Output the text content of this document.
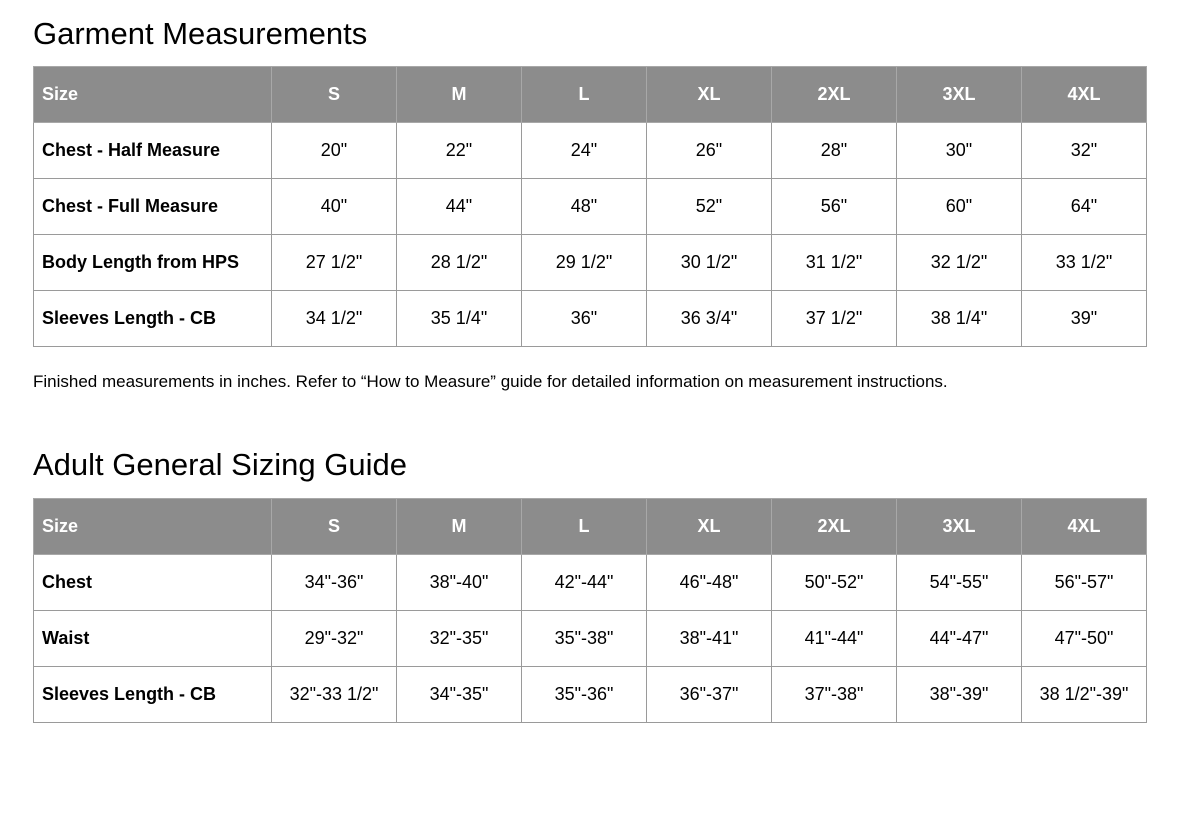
Garment Measurements
Size	S	M	L	XL	2XL	3XL	4XL
Chest - Half Measure	20"	22"	24"	26"	28"	30"	32"
Chest - Full Measure	40"	44"	48"	52"	56"	60"	64"
Body Length from HPS	27 1/2"	28 1/2"	29 1/2"	30 1/2"	31 1/2"	32 1/2"	33 1/2"
Sleeves Length - CB	34 1/2"	35 1/4"	36"	36 3/4"	37 1/2"	38 1/4"	39"

Finished measurements in inches. Refer to “How to Measure” guide for detailed information on measurement instructions.

Adult General Sizing Guide
Size	S	M	L	XL	2XL	3XL	4XL
Chest	34"-36"	38"-40"	42"-44"	46"-48"	50"-52"	54"-55"	56"-57"
Waist	29"-32"	32"-35"	35"-38"	38"-41"	41"-44"	44"-47"	47"-50"
Sleeves Length - CB	32"-33 1/2"	34"-35"	35"-36"	36"-37"	37"-38"	38"-39"	38 1/2"-39"
